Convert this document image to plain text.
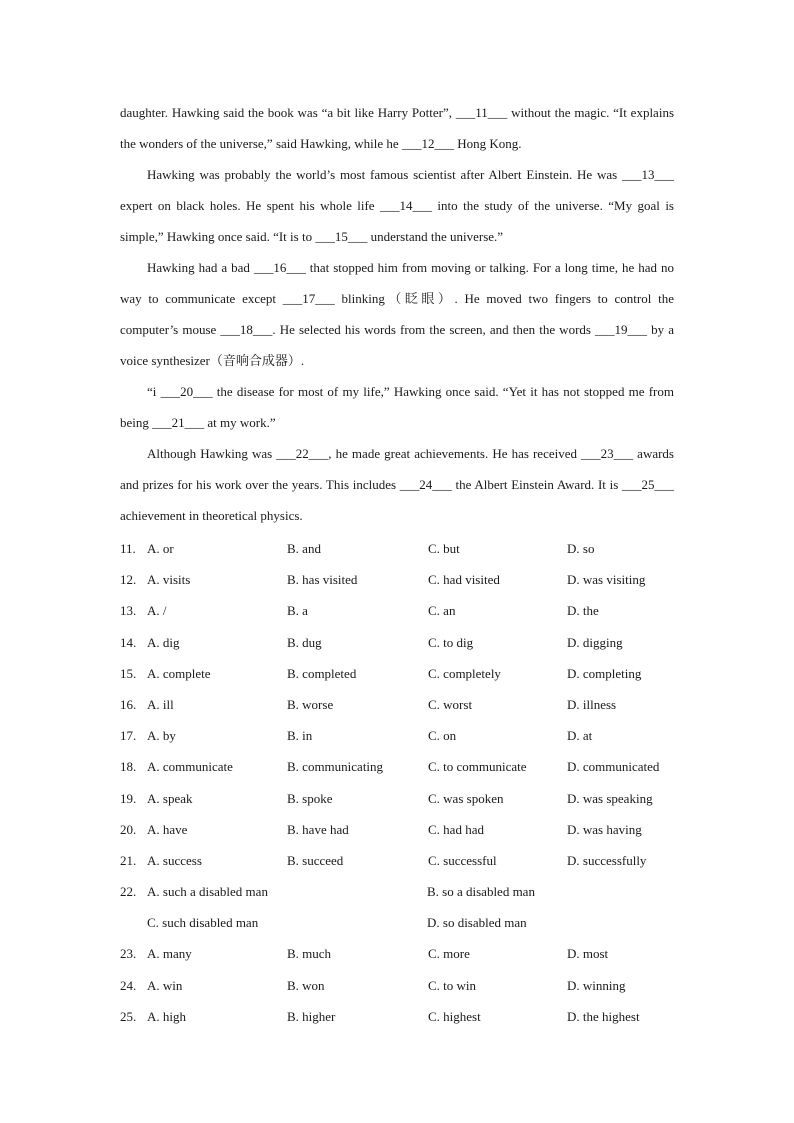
daughter. Hawking said the book was “a bit like Harry Potter”, ___11___ without the magic. “It explains the wonders of the universe,” said Hawking, while he ___12___ Hong Kong.

Hawking was probably the world’s most famous scientist after Albert Einstein. He was ___13___ expert on black holes. He spent his whole life ___14___ into the study of the universe. “My goal is simple,” Hawking once said. “It is to ___15___ understand the universe.”

Hawking had a bad ___16___ that stopped him from moving or talking. For a long time, he had no way to communicate except ___17___ blinking（眨眼）. He moved two fingers to control the computer’s mouse ___18___. He selected his words from the screen, and then the words ___19___ by a voice synthesizer（音响合成器）.

“i ___20___ the disease for most of my life,” Hawking once said. “Yet it has not stopped me from being ___21___ at my work.”

Although Hawking was ___22___, he made great achievements. He has received ___23___ awards and prizes for his work over the years. This includes ___24___ the Albert Einstein Award. It is ___25___ achievement in theoretical physics.

11. A. or	B. and	C. but	D. so
12. A. visits	B. has visited	C. had visited	D. was visiting
13. A. /	B. a	C. an	D. the
14. A. dig	B. dug	C. to dig	D. digging
15. A. complete	B. completed	C. completely	D. completing
16. A. ill	B. worse	C. worst	D. illness
17. A. by	B. in	C. on	D. at
18. A. communicate	B. communicating	C. to communicate	D. communicated
19. A. speak	B. spoke	C. was spoken	D. was speaking
20. A. have	B. have had	C. had had	D. was having
21. A. success	B. succeed	C. successful	D. successfully
22. A. such a disabled man	B. so a disabled man
C. such disabled man	D. so disabled man
23. A. many	B. much	C. more	D. most
24. A. win	B. won	C. to win	D. winning
25. A. high	B. higher	C. highest	D. the highest
